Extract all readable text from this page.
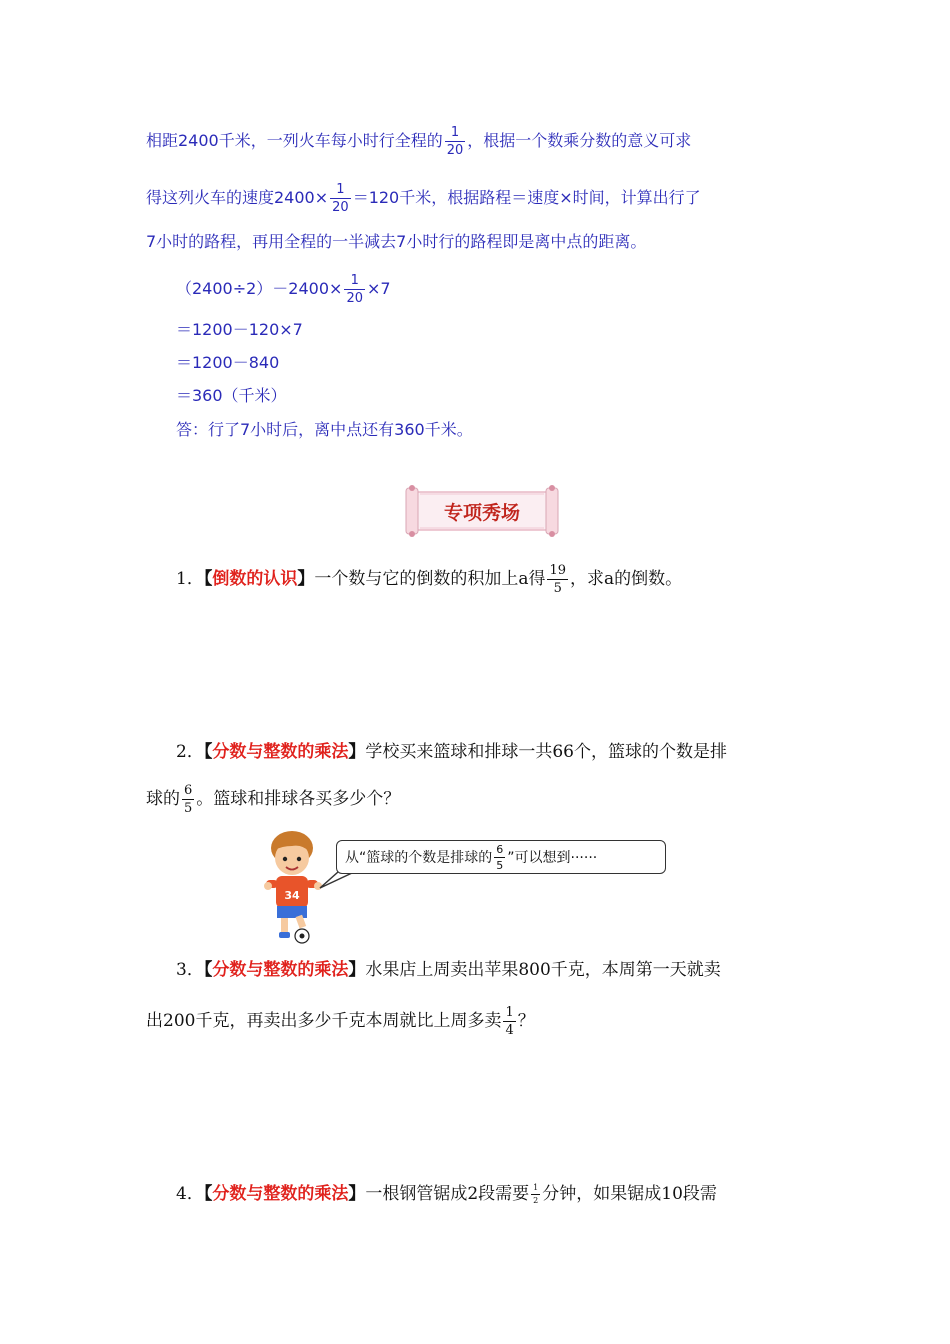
相距2400千米，一列火车每小时行全程的 $\frac{1}{20}$ ，根据一个数乘分数的意义可求
得这列火车的速度$2400\times \frac{1}{20} =120$千米，根据路程＝速度×时间，计算出行了
7小时的路程，再用全程的一半减去7小时行的路程即是离中点的距离。
$(2400\div 2)-2400\times \frac{1}{20} \times 7$
＝1200－120×7
＝1200－840
＝360（千米）
答：行了7小时后，离中点还有360千米。
专项秀场
1．【倒数的认识】一个数与它的倒数的积加上a得 $\frac{19}{5}$ ，求a的倒数。
2．【分数与整数的乘法】学校买来篮球和排球一共66个，篮球的个数是排
球的 $\frac{6}{5}$ 。篮球和排球各买多少个？
34
从“篮球的个数是排球的 $\frac{6}{5}$ ”可以想到······
3．【分数与整数的乘法】水果店上周卖出苹果800千克，本周第一天就卖
出200千克，再卖出多少千克本周就比上周多卖 $\frac{1}{4}$ ？
4．【分数与整数的乘法】一根钢管锯成2段需要 $\frac{1}{2}$ 分钟，如果锯成10段需
